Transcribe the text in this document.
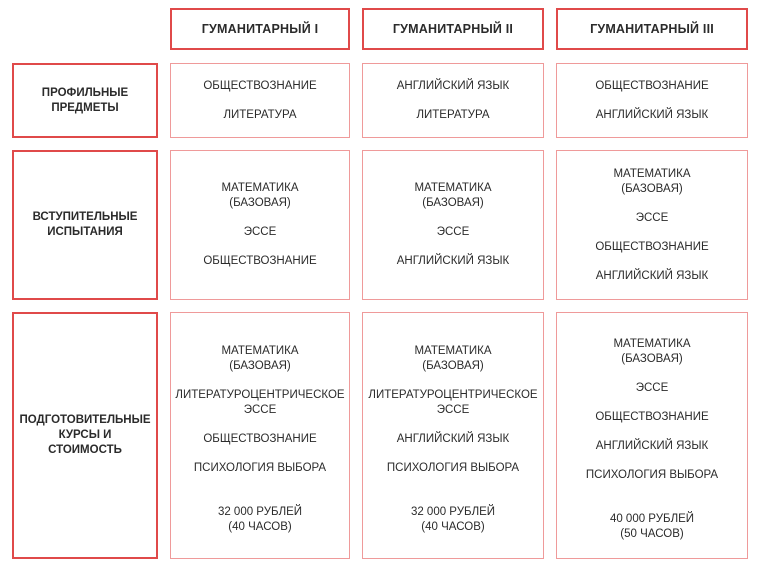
ГУМАНИТАРНЫЙ I	ГУМАНИТАРНЫЙ II	ГУМАНИТАРНЫЙ III
ПРОФИЛЬНЫЕ
ПРЕДМЕТЫ
ВСТУПИТЕЛЬНЫЕ
ИСПЫТАНИЯ
ПОДГОТОВИТЕЛЬНЫЕ
КУРСЫ И
СТОИМОСТЬ
ОБЩЕСТВОЗНАНИЕ
ЛИТЕРАТУРА
АНГЛИЙСКИЙ ЯЗЫК
ЛИТЕРАТУРА
ОБЩЕСТВОЗНАНИЕ
АНГЛИЙСКИЙ ЯЗЫК
МАТЕМАТИКА
(БАЗОВАЯ)
ЭССЕ
ОБЩЕСТВОЗНАНИЕ
МАТЕМАТИКА
(БАЗОВАЯ)
ЭССЕ
АНГЛИЙСКИЙ ЯЗЫК
МАТЕМАТИКА
(БАЗОВАЯ)
ЭССЕ
ОБЩЕСТВОЗНАНИЕ
АНГЛИЙСКИЙ ЯЗЫК
МАТЕМАТИКА
(БАЗОВАЯ)
ЛИТЕРАТУРОЦЕНТРИЧЕСКОЕ
ЭССЕ
ОБЩЕСТВОЗНАНИЕ
ПСИХОЛОГИЯ ВЫБОРА
32 000 РУБЛЕЙ
(40 ЧАСОВ)
МАТЕМАТИКА
(БАЗОВАЯ)
ЛИТЕРАТУРОЦЕНТРИЧЕСКОЕ
ЭССЕ
АНГЛИЙСКИЙ ЯЗЫК
ПСИХОЛОГИЯ ВЫБОРА
32 000 РУБЛЕЙ
(40 ЧАСОВ)
МАТЕМАТИКА
(БАЗОВАЯ)
ЭССЕ
ОБЩЕСТВОЗНАНИЕ
АНГЛИЙСКИЙ ЯЗЫК
ПСИХОЛОГИЯ ВЫБОРА
40 000 РУБЛЕЙ
(50 ЧАСОВ)
